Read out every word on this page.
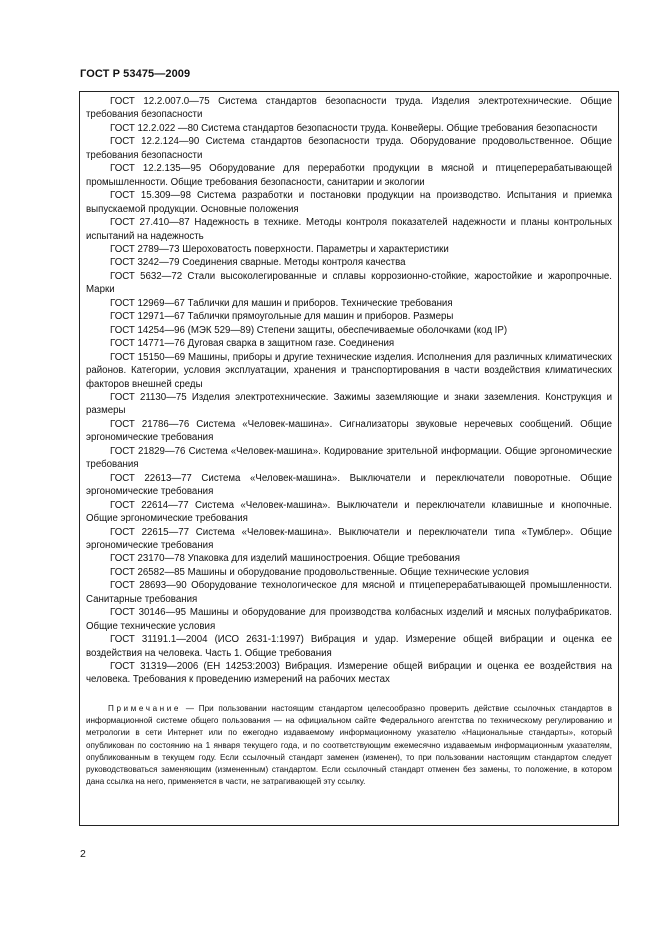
ГОСТ Р 53475—2009

ГОСТ 12.2.007.0—75 Система стандартов безопасности труда. Изделия электротехнические. Общие требования безопасности

ГОСТ 12.2.022 —80 Система стандартов безопасности труда. Конвейеры. Общие требования безопасности

ГОСТ 12.2.124—90 Система стандартов безопасности труда. Оборудование продовольственное. Общие требования безопасности

ГОСТ 12.2.135—95 Оборудование для переработки продукции в мясной и птицеперерабатывающей промышленности. Общие требования безопасности, санитарии и экологии

ГОСТ 15.309—98 Система разработки и постановки продукции на производство. Испытания и приемка выпускаемой продукции. Основные положения

ГОСТ 27.410—87 Надежность в технике. Методы контроля показателей надежности и планы контрольных испытаний на надежность

ГОСТ 2789—73 Шероховатость поверхности. Параметры и характеристики

ГОСТ 3242—79 Соединения сварные. Методы контроля качества

ГОСТ 5632—72 Стали высоколегированные и сплавы коррозионно-стойкие, жаростойкие и жаропрочные. Марки

ГОСТ 12969—67 Таблички для машин и приборов. Технические требования

ГОСТ 12971—67 Таблички прямоугольные для машин и приборов. Размеры

ГОСТ 14254—96 (МЭК 529—89) Степени защиты, обеспечиваемые оболочками (код IP)

ГОСТ 14771—76 Дуговая сварка в защитном газе. Соединения

ГОСТ 15150—69 Машины, приборы и другие технические изделия. Исполнения для различных климатических районов. Категории, условия эксплуатации, хранения и транспортирования в части воздействия климатических факторов внешней среды

ГОСТ 21130—75 Изделия электротехнические. Зажимы заземляющие и знаки заземления. Конструкция и размеры

ГОСТ 21786—76 Система «Человек-машина». Сигнализаторы звуковые неречевых сообщений. Общие эргономические требования

ГОСТ 21829—76 Система «Человек-машина». Кодирование зрительной информации. Общие эргономические требования

ГОСТ 22613—77 Система «Человек-машина». Выключатели и переключатели поворотные. Общие эргономические требования

ГОСТ 22614—77 Система «Человек-машина». Выключатели и переключатели клавишные и кнопочные. Общие эргономические требования

ГОСТ 22615—77 Система «Человек-машина». Выключатели и переключатели типа «Тумблер». Общие эргономические требования

ГОСТ 23170—78 Упаковка для изделий машиностроения. Общие требования

ГОСТ 26582—85 Машины и оборудование продовольственные. Общие технические условия

ГОСТ 28693—90 Оборудование технологическое для мясной и птицеперерабатывающей промышленности. Санитарные требования

ГОСТ 30146—95 Машины и оборудование для производства колбасных изделий и мясных полуфабрикатов. Общие технические условия

ГОСТ 31191.1—2004 (ИСО 2631-1:1997) Вибрация и удар. Измерение общей вибрации и оценка ее воздействия на человека. Часть 1. Общие требования

ГОСТ 31319—2006 (ЕН 14253:2003) Вибрация. Измерение общей вибрации и оценка ее воздействия на человека. Требования к проведению измерений на рабочих местах

Примечание — При пользовании настоящим стандартом целесообразно проверить действие ссылочных стандартов в информационной системе общего пользования — на официальном сайте Федерального агентства по техническому регулированию и метрологии в сети Интернет или по ежегодно издаваемому информационному указателю «Национальные стандарты», который опубликован по состоянию на 1 января текущего года, и по соответствующим ежемесячно издаваемым информационным указателям, опубликованным в текущем году. Если ссылочный стандарт заменен (изменен), то при пользовании настоящим стандартом следует руководствоваться заменяющим (измененным) стандартом. Если ссылочный стандарт отменен без замены, то положение, в котором дана ссылка на него, применяется в части, не затрагивающей эту ссылку.
2
